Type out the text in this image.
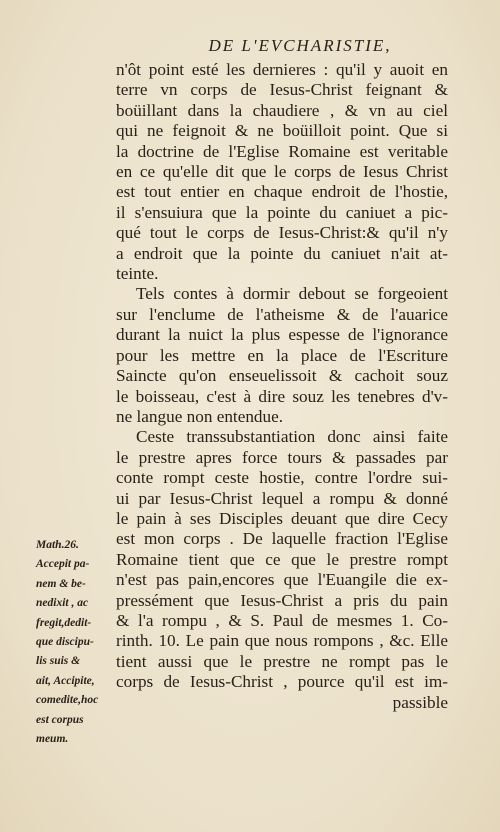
DE L'EVCHARISTIE,
n'ôt point esté les dernieres : qu'il y auoit en
terre vn corps de Iesus-Christ feignant &
boüillant dans la chaudiere , & vn au ciel
qui ne feignoit & ne boüilloit point. Que si
la doctrine de l'Eglise Romaine est veritable
en ce qu'elle dit que le corps de Iesus Christ
est tout entier en chaque endroit de l'hostie,
il s'ensuiura que la pointe du caniuet a pic-
qué tout le corps de Iesus-Christ:& qu'il n'y
a endroit que la pointe du caniuet n'ait at-
teinte.
Tels contes à dormir debout se forgeoient
sur l'enclume de l'atheisme & de l'auarice
durant la nuict la plus espesse de l'ignorance
pour les mettre en la place de l'Escriture
Saincte qu'on enseuelissoit & cachoit souz
le boisseau, c'est à dire souz les tenebres d'v-
ne langue non entendue.
Ceste transsubstantiation donc ainsi faite
le prestre apres force tours & passades par
conte rompt ceste hostie, contre l'ordre sui-
ui par Iesus-Christ lequel a rompu & donné
le pain à ses Disciples deuant que dire Cecy
est mon corps . De laquelle fraction l'Eglise
Romaine tient que ce que le prestre rompt
n'est pas pain,encores que l'Euangile die ex-
pressément que Iesus-Christ a pris du pain
& l'a rompu , & S. Paul de mesmes 1. Co-
rinth. 10. Le pain que nous rompons , &c. Elle
tient aussi que le prestre ne rompt pas le
corps de Iesus-Christ , pource qu'il est im-
passible
Math.26.
Accepit pa-
nem & be-
nedixit , ac
fregit,dedit-
que discipu-
lis suis &
ait, Accipite,
comedite,hoc
est corpus
meum.
